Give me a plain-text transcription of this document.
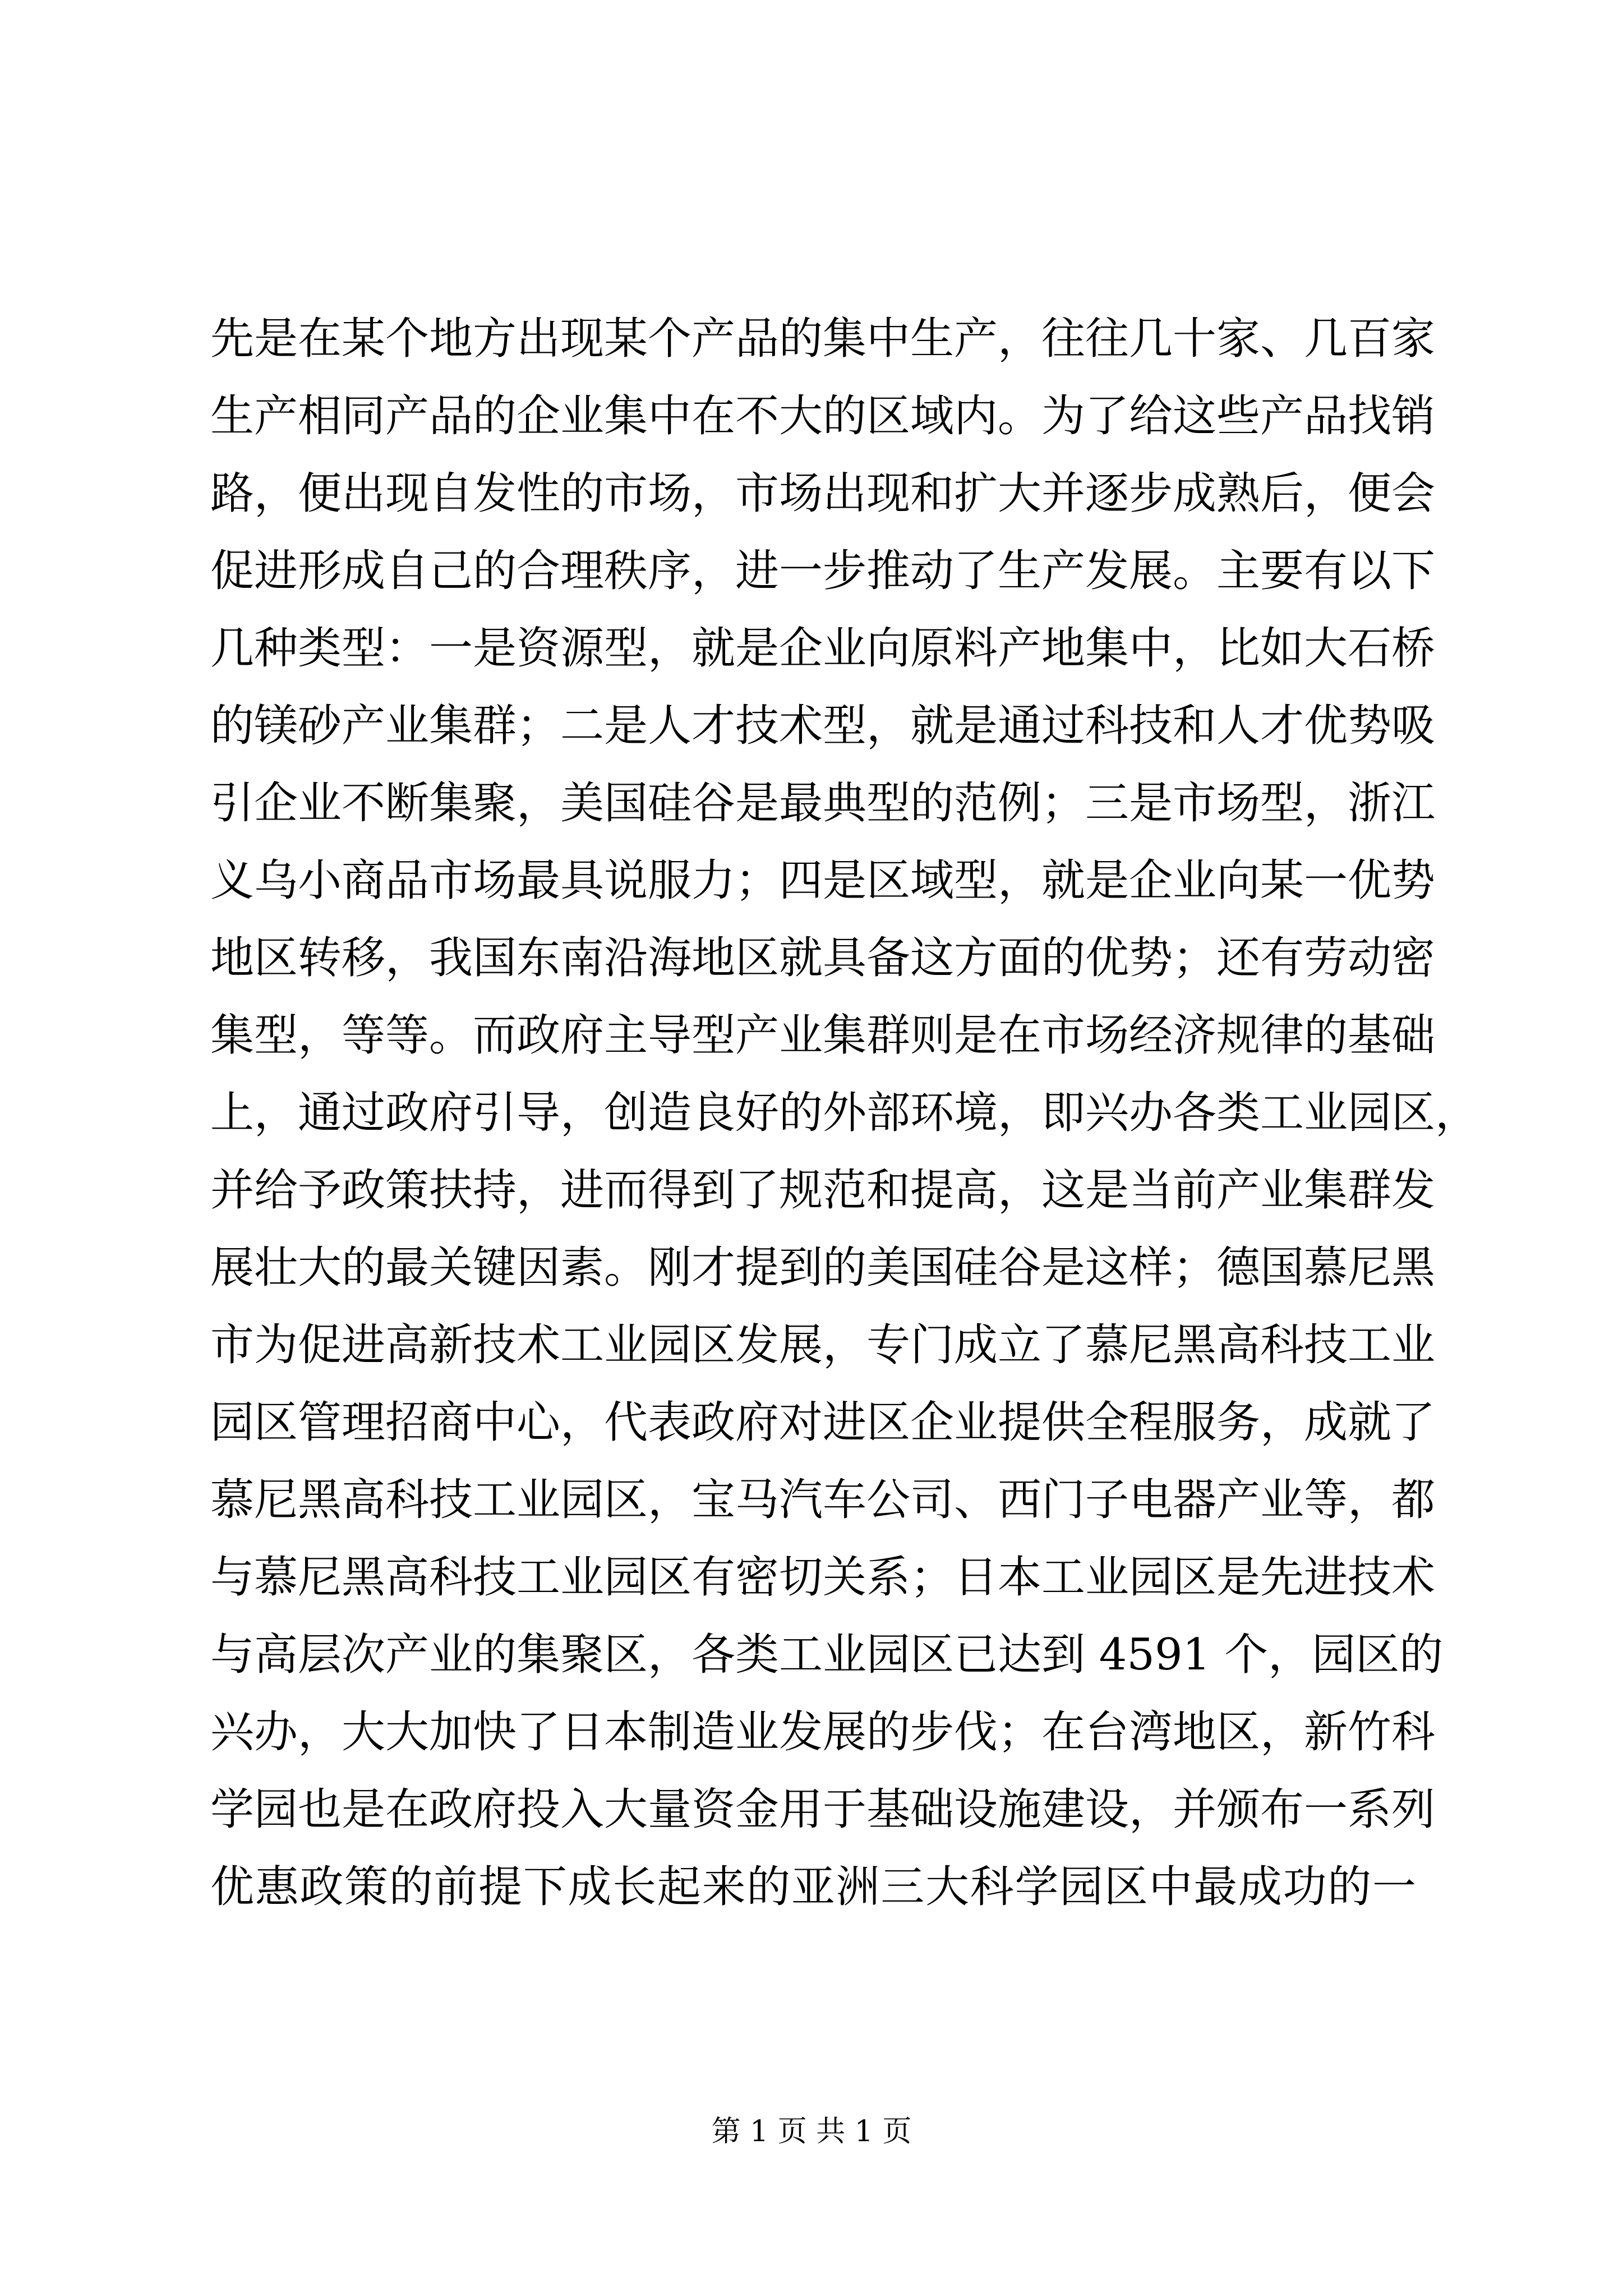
先是在某个地方出现某个产品的集中生产，往往几十家、几百家
生产相同产品的企业集中在不大的区域内。为了给这些产品找销
路，便出现自发性的市场，市场出现和扩大并逐步成熟后，便会
促进形成自己的合理秩序，进一步推动了生产发展。主要有以下
几种类型：一是资源型，就是企业向原料产地集中，比如大石桥
的镁砂产业集群；二是人才技术型，就是通过科技和人才优势吸
引企业不断集聚，美国硅谷是最典型的范例；三是市场型，浙江
义乌小商品市场最具说服力；四是区域型，就是企业向某一优势
地区转移，我国东南沿海地区就具备这方面的优势；还有劳动密
集型，等等。而政府主导型产业集群则是在市场经济规律的基础
上，通过政府引导，创造良好的外部环境，即兴办各类工业园区，
并给予政策扶持，进而得到了规范和提高，这是当前产业集群发
展壮大的最关键因素。刚才提到的美国硅谷是这样；德国慕尼黑
市为促进高新技术工业园区发展，专门成立了慕尼黑高科技工业
园区管理招商中心，代表政府对进区企业提供全程服务，成就了
慕尼黑高科技工业园区，宝马汽车公司、西门子电器产业等，都
与慕尼黑高科技工业园区有密切关系；日本工业园区是先进技术
与高层次产业的集聚区，各类工业园区已达到 4591 个，园区的
兴办，大大加快了日本制造业发展的步伐；在台湾地区，新竹科
学园也是在政府投入大量资金用于基础设施建设，并颁布一系列
优惠政策的前提下成长起来的亚洲三大科学园区中最成功的一
第 1 页 共 1 页
